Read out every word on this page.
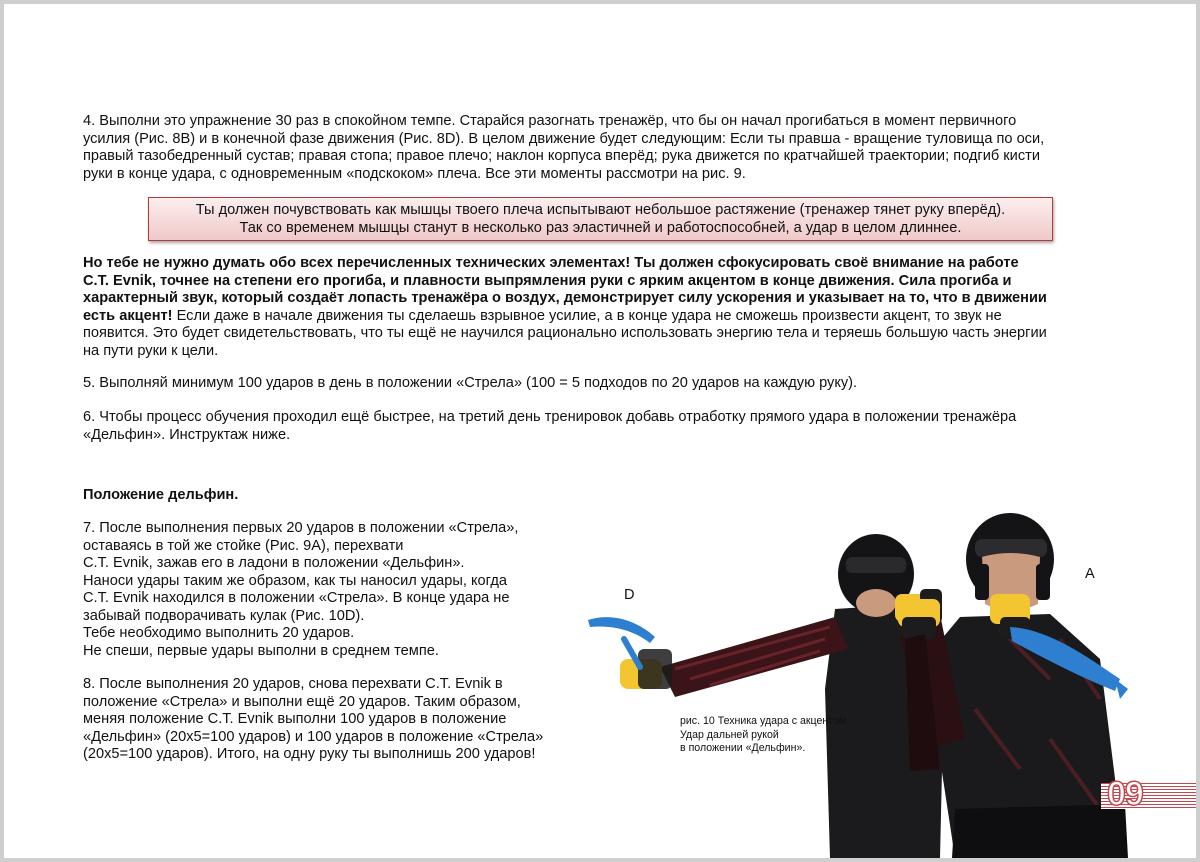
4. Выполни это упражнение 30 раз в спокойном темпе. Старайся разогнать тренажёр, что бы он начал прогибаться в момент первичного
усилия (Рис. 8B) и в конечной фазе движения (Рис. 8D). В целом движение будет следующим: Если ты правша - вращение туловища по оси,
правый тазобедренный сустав; правая стопа; правое плечо; наклон корпуса вперёд; рука движется по кратчайшей траектории; подгиб кисти
руки в конце удара, с одновременным «подскоком» плеча. Все эти моменты рассмотри на рис. 9.
Ты должен почувствовать как мышцы твоего плеча испытывают небольшое растяжение (тренажер тянет руку вперёд).
Так со временем мышцы станут в несколько раз эластичней и работоспособней, а удар в целом длиннее.
Но тебе не нужно думать обо всех перечисленных технических элементах! Ты должен сфокусировать своё внимание на работе
C.T. Evnik, точнее на степени его прогиба, и плавности выпрямления руки с ярким акцентом в конце движения. Сила прогиба и
характерный звук, который создаёт лопасть тренажёра о воздух, демонстрирует силу ускорения и указывает на то, что в движении
есть акцент! Если даже в начале движения ты сделаешь взрывное усилие, а в конце удара не сможешь произвести акцент, то звук не
появится. Это будет свидетельствовать, что ты ещё не научился рационально использовать энергию тела и теряешь большую часть энергии
на пути руки к цели.
5. Выполняй минимум 100 ударов в день в положении «Стрела» (100 = 5 подходов по 20 ударов на каждую руку).
6. Чтобы процесс обучения проходил ещё быстрее, на третий день тренировок добавь отработку прямого удара в положении тренажёра
«Дельфин». Инструктаж ниже.
Положение дельфин.
7. После выполнения первых 20 ударов в положении «Стрела»,
оставаясь в той же стойке (Рис. 9А), перехвати
C.T. Evnik, зажав его в ладони в положении «Дельфин».
Наноси удары таким же образом, как ты наносил удары, когда
C.T. Evnik находился в положении «Стрела». В конце удара не
забывай подворачивать кулак (Рис. 10D).
Тебе необходимо выполнить 20 ударов.
Не спеши, первые удары выполни в среднем темпе.
8. После выполнения 20 ударов, снова перехвати C.T. Evnik в
положение «Стрела» и выполни ещё 20 ударов. Таким образом,
меняя положение C.T. Evnik выполни 100 ударов в положение
«Дельфин» (20x5=100 ударов) и 100 ударов в положение «Стрела»
(20x5=100 ударов). Итого, на одну руку ты выполнишь 200 ударов!
A
D
рис. 10 Техника удара с акцентом.
Удар дальней рукой
в положении «Дельфин».
09
